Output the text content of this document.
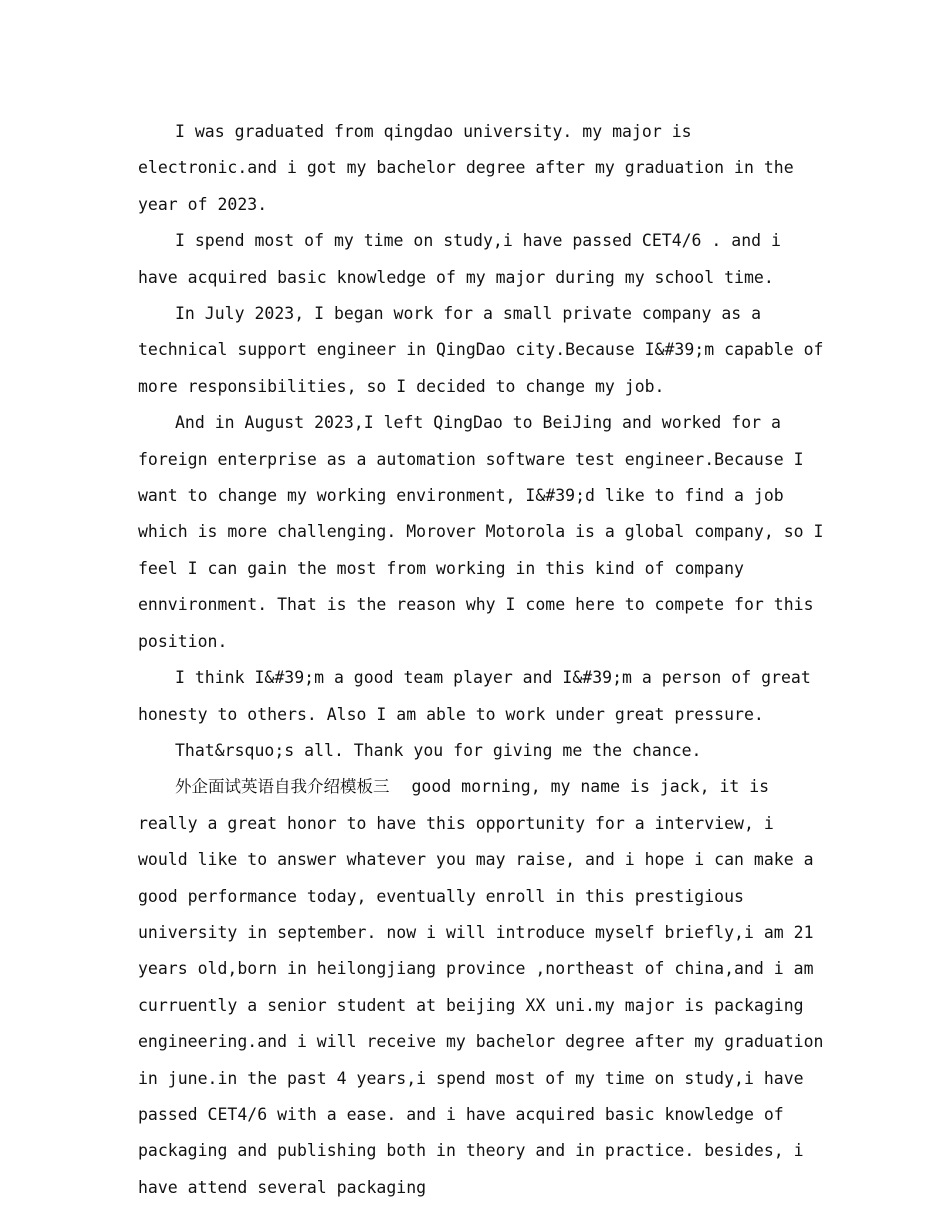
I was graduated from qingdao university. my major is electronic.and i got my bachelor degree after my graduation in the year of 2023.

I spend most of my time on study,i have passed CET4/6 . and i have acquired basic knowledge of my major during my school time.

In July 2023, I began work for a small private company as a technical support engineer in QingDao city.Because I&#39;m capable of more responsibilities, so I decided to change my job.

And in August 2023,I left QingDao to BeiJing and worked for a foreign enterprise as a automation software test engineer.Because I want to change my working environment, I&#39;d like to find a job which is more challenging. Morover Motorola is a global company, so I feel I can gain the most from working in this kind of company ennvironment. That is the reason why I come here to compete for this position.

I think I&#39;m a good team player and I&#39;m a person of great honesty to others. Also I am able to work under great pressure.

That&rsquo;s all. Thank you for giving me the chance.

外企面试英语自我介绍模板三 good morning, my name is jack, it is really a great honor to have this opportunity for a interview, i would like to answer whatever you may raise, and i hope i can make a good performance today, eventually enroll in this prestigious university in september. now i will introduce myself briefly,i am 21 years old,born in heilongjiang province ,northeast of china,and i am curruently a senior student at beijing XX uni.my major is packaging engineering.and i will receive my bachelor degree after my graduation in june.in the past 4 years,i spend most of my time on study,i have passed CET4/6 with a ease. and i have acquired basic knowledge of packaging and publishing both in theory and in practice. besides, i have attend several packaging
